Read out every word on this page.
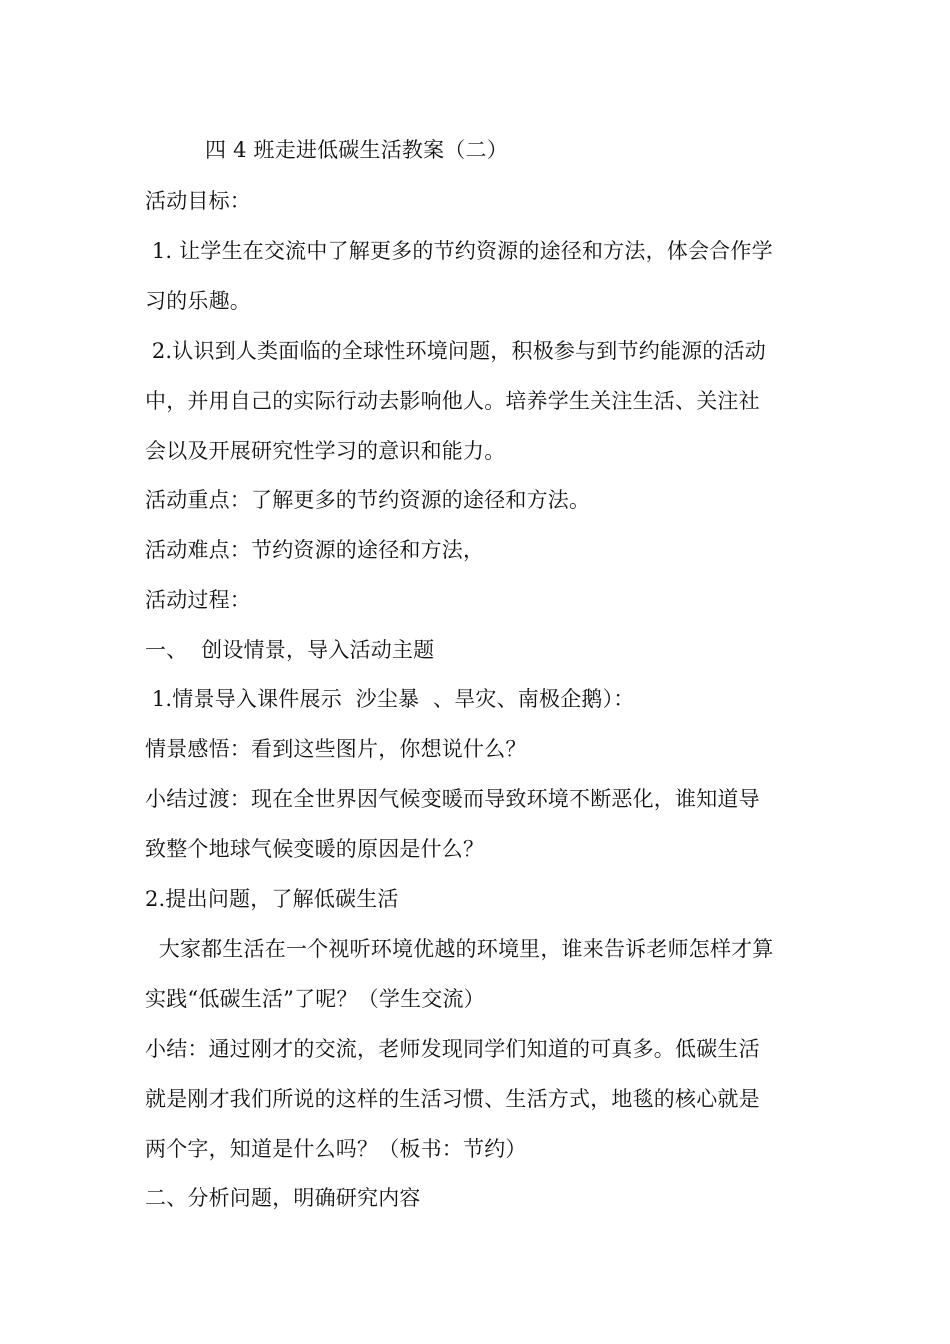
四 4 班走进低碳生活教案（二）
活动目标：
1. 让学生在交流中了解更多的节约资源的途径和方法，体会合作学
习的乐趣。
2.认识到人类面临的全球性环境问题，积极参与到节约能源的活动
中，并用自己的实际行动去影响他人。培养学生关注生活、关注社
会以及开展研究性学习的意识和能力。
活动重点：了解更多的节约资源的途径和方法。
活动难点：节约资源的途径和方法，
活动过程：
一、  创设情景，导入活动主题
1.情景导入课件展示  沙尘暴  、旱灾、南极企鹅）：
情景感悟：看到这些图片，你想说什么？
小结过渡：现在全世界因气候变暖而导致环境不断恶化，谁知道导
致整个地球气候变暖的原因是什么？
2.提出问题，了解低碳生活
大家都生活在一个视听环境优越的环境里，谁来告诉老师怎样才算
实践“低碳生活”了呢？（学生交流）
小结：通过刚才的交流，老师发现同学们知道的可真多。低碳生活
就是刚才我们所说的这样的生活习惯、生活方式，地毯的核心就是
两个字，知道是什么吗？（板书：节约）
二、分析问题，明确研究内容
